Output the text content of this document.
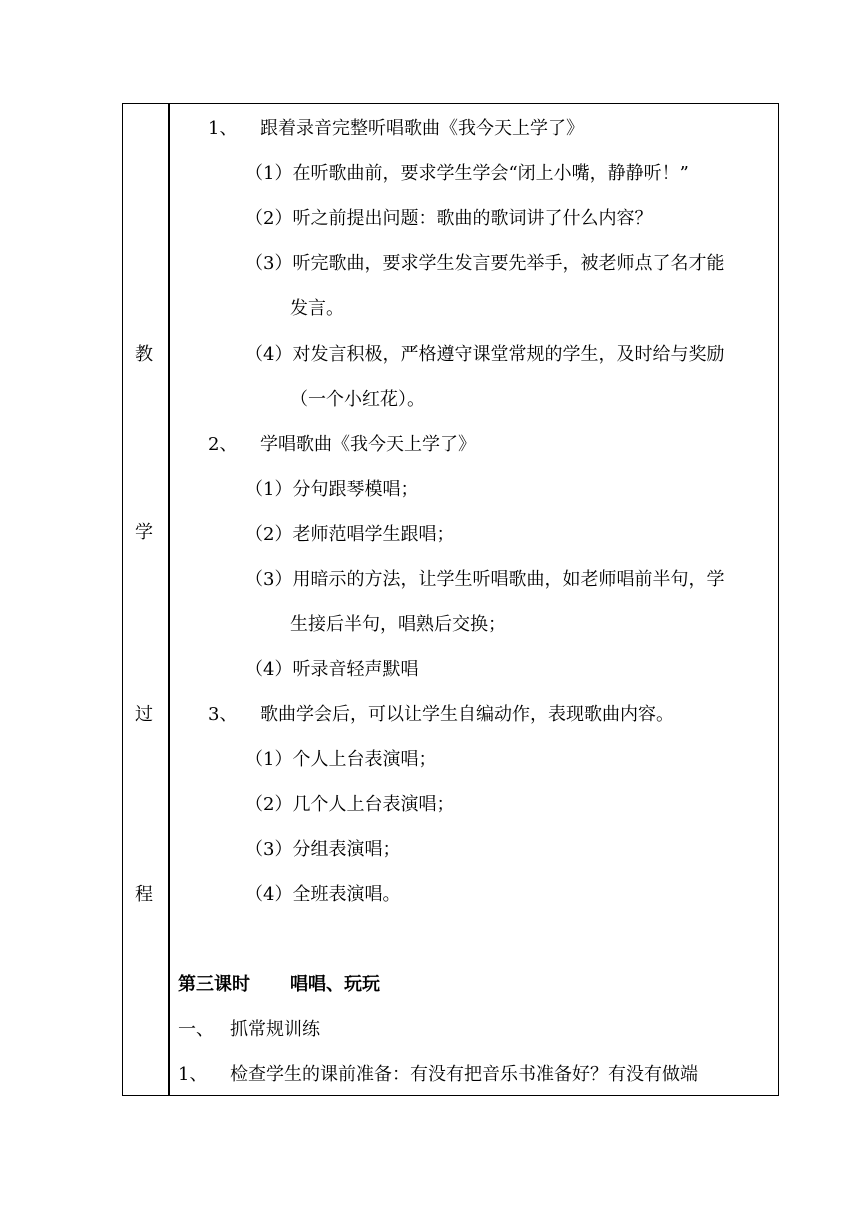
教
学
过
程
1、 跟着录音完整听唱歌曲《我今天上学了》
（1）在听歌曲前，要求学生学会“闭上小嘴，静静听！”
（2）听之前提出问题：歌曲的歌词讲了什么内容？
（3）听完歌曲，要求学生发言要先举手，被老师点了名才能
发言。
（4）对发言积极，严格遵守课堂常规的学生，及时给与奖励
（一个小红花）。
2、 学唱歌曲《我今天上学了》
（1）分句跟琴模唱；
（2）老师范唱学生跟唱；
（3）用暗示的方法，让学生听唱歌曲，如老师唱前半句，学
生接后半句，唱熟后交换；
（4）听录音轻声默唱
3、 歌曲学会后，可以让学生自编动作，表现歌曲内容。
（1）个人上台表演唱；
（2）几个人上台表演唱；
（3）分组表演唱；
（4）全班表演唱。
第三课时 唱唱、玩玩
一、 抓常规训练
1、 检查学生的课前准备：有没有把音乐书准备好？有没有做端
